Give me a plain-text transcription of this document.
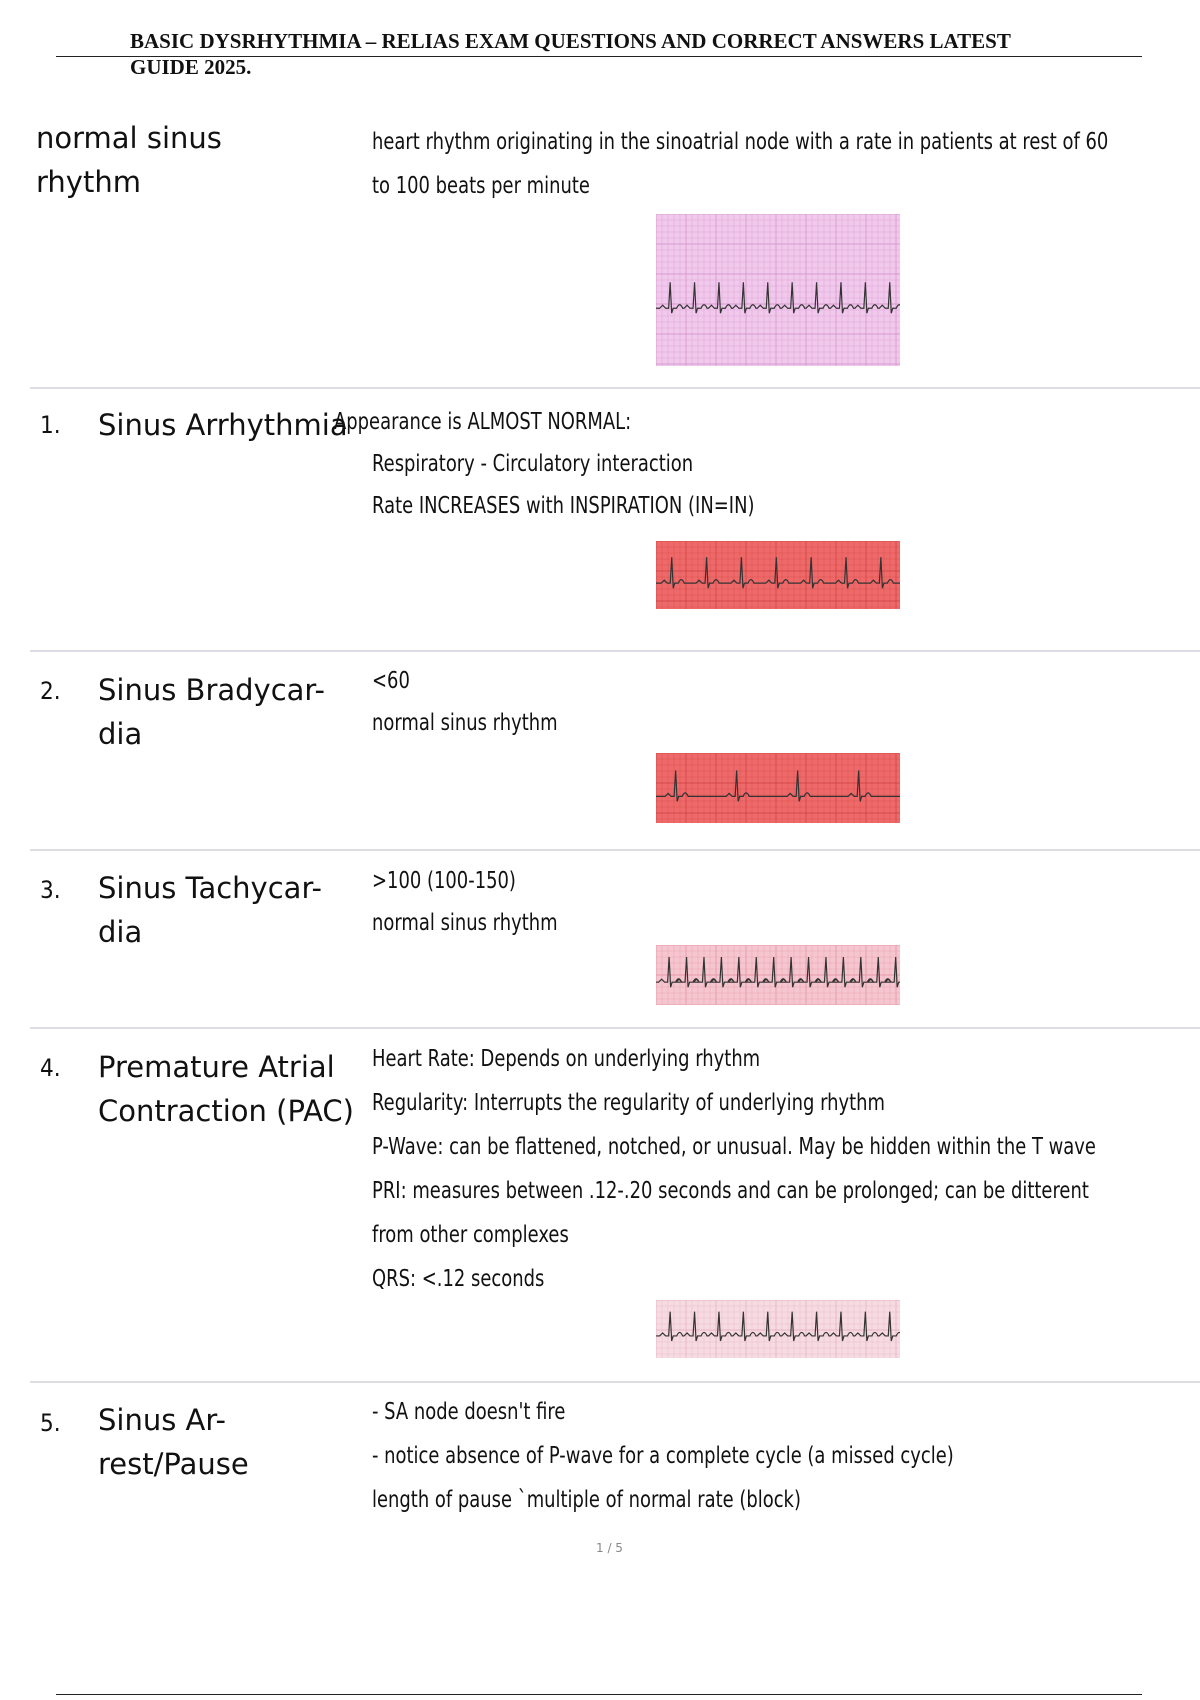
BASIC DYSRHYTHMIA – RELIAS EXAM QUESTIONS AND CORRECT ANSWERS LATEST GUIDE 2025.
normal sinus rhythm
heart rhythm originating in the sinoatrial node with a rate in patients at rest of 60
to 100 beats per minute
1. Sinus Arrhythmia
Appearance is ALMOST NORMAL:
Respiratory - Circulatory interaction
Rate INCREASES with INSPIRATION (IN=IN)
2. Sinus Bradycar- dia
<60
normal sinus rhythm
3. Sinus Tachycar- dia
>100 (100-150)
normal sinus rhythm
4. Premature Atrial Contraction (PAC)
Heart Rate: Depends on underlying rhythm
Regularity: Interrupts the regularity of underlying rhythm
P-Wave: can be flattened, notched, or unusual. May be hidden within the T wave
PRI: measures between .12-.20 seconds and can be prolonged; can be ditterent
from other complexes
QRS: <.12 seconds
5. Sinus Ar- rest/Pause
- SA node doesn't fire
- notice absence of P-wave for a complete cycle (a missed cycle)
length of pause `multiple of normal rate (block)
1 / 5
